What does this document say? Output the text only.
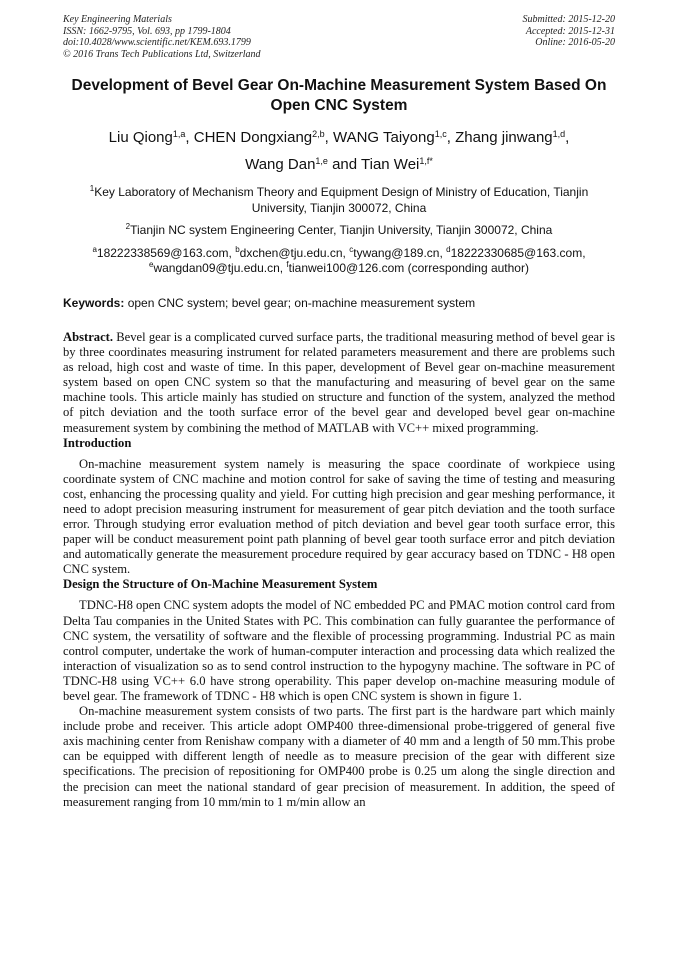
Key Engineering Materials
ISSN: 1662-9795, Vol. 693, pp 1799-1804
doi:10.4028/www.scientific.net/KEM.693.1799
© 2016 Trans Tech Publications Ltd, Switzerland
Submitted: 2015-12-20
Accepted: 2015-12-31
Online: 2016-05-20
Development of Bevel Gear On-Machine Measurement System Based On Open CNC System
Liu Qiong$^{1,a}$, CHEN Dongxiang$^{2,b}$, WANG Taiyong$^{1,c}$, Zhang jinwang$^{1,d}$,
Wang Dan$^{1,e}$ and Tian Wei$^{1,f*}$
$^1$Key Laboratory of Mechanism Theory and Equipment Design of Ministry of Education, Tianjin University, Tianjin 300072, China
$^2$Tianjin NC system Engineering Center, Tianjin University, Tianjin 300072, China
$^a$18222338569@163.com, $^b$dxchen@tju.edu.cn, $^c$tywang@189.cn, $^d$18222330685@163.com,
$^e$wangdan09@tju.edu.cn, $^f$tianwei100@126.com (corresponding author)
Keywords: open CNC system; bevel gear; on-machine measurement system

Abstract. Bevel gear is a complicated curved surface parts, the traditional measuring method of bevel gear is by three coordinates measuring instrument for related parameters measurement and there are problems such as reload, high cost and waste of time. In this paper, development of Bevel gear on-machine measurement system based on open CNC system so that the manufacturing and measuring of bevel gear on the same machine tools. This article mainly has studied on structure and function of the system, analyzed the method of pitch deviation and the tooth surface error of the bevel gear and developed bevel gear on-machine measurement system by combining the method of MATLAB with VC++ mixed programming.

Introduction

On-machine measurement system namely is measuring the space coordinate of workpiece using coordinate system of CNC machine and motion control for sake of saving the time of testing and measuring cost, enhancing the processing quality and yield. For cutting high precision and gear meshing performance, it need to adopt precision measuring instrument for measurement of gear pitch deviation and the tooth surface error. Through studying error evaluation method of pitch deviation and bevel gear tooth surface error, this paper will be conduct measurement point path planning of bevel gear tooth surface error and pitch deviation and automatically generate the measurement procedure required by gear accuracy based on TDNC - H8 open CNC system.

Design the Structure of On-Machine Measurement System

TDNC-H8 open CNC system adopts the model of NC embedded PC and PMAC motion control card from Delta Tau companies in the United States with PC. This combination can fully guarantee the performance of CNC system, the versatility of software and the flexible of processing programming. Industrial PC as main control computer, undertake the work of human-computer interaction and processing data which realized the interaction of visualization so as to send control instruction to the hypogyny machine. The software in PC of TDNC-H8 using VC++ 6.0 have strong operability. This paper develop on-machine measuring module of bevel gear. The framework of TDNC - H8 which is open CNC system is shown in figure 1.

On-machine measurement system consists of two parts. The first part is the hardware part which mainly include probe and receiver. This article adopt OMP400 three-dimensional probe-triggered of general five axis machining center from Renishaw company with a diameter of 40 mm and a length of 50 mm.This probe can be equipped with different length of needle as to measure precision of the gear with different size specifications. The precision of repositioning for OMP400 probe is 0.25 um along the single direction and the precision can meet the national standard of gear precision of measurement. In addition, the speed of measurement ranging from 10 mm/min to 1 m/min allow an
